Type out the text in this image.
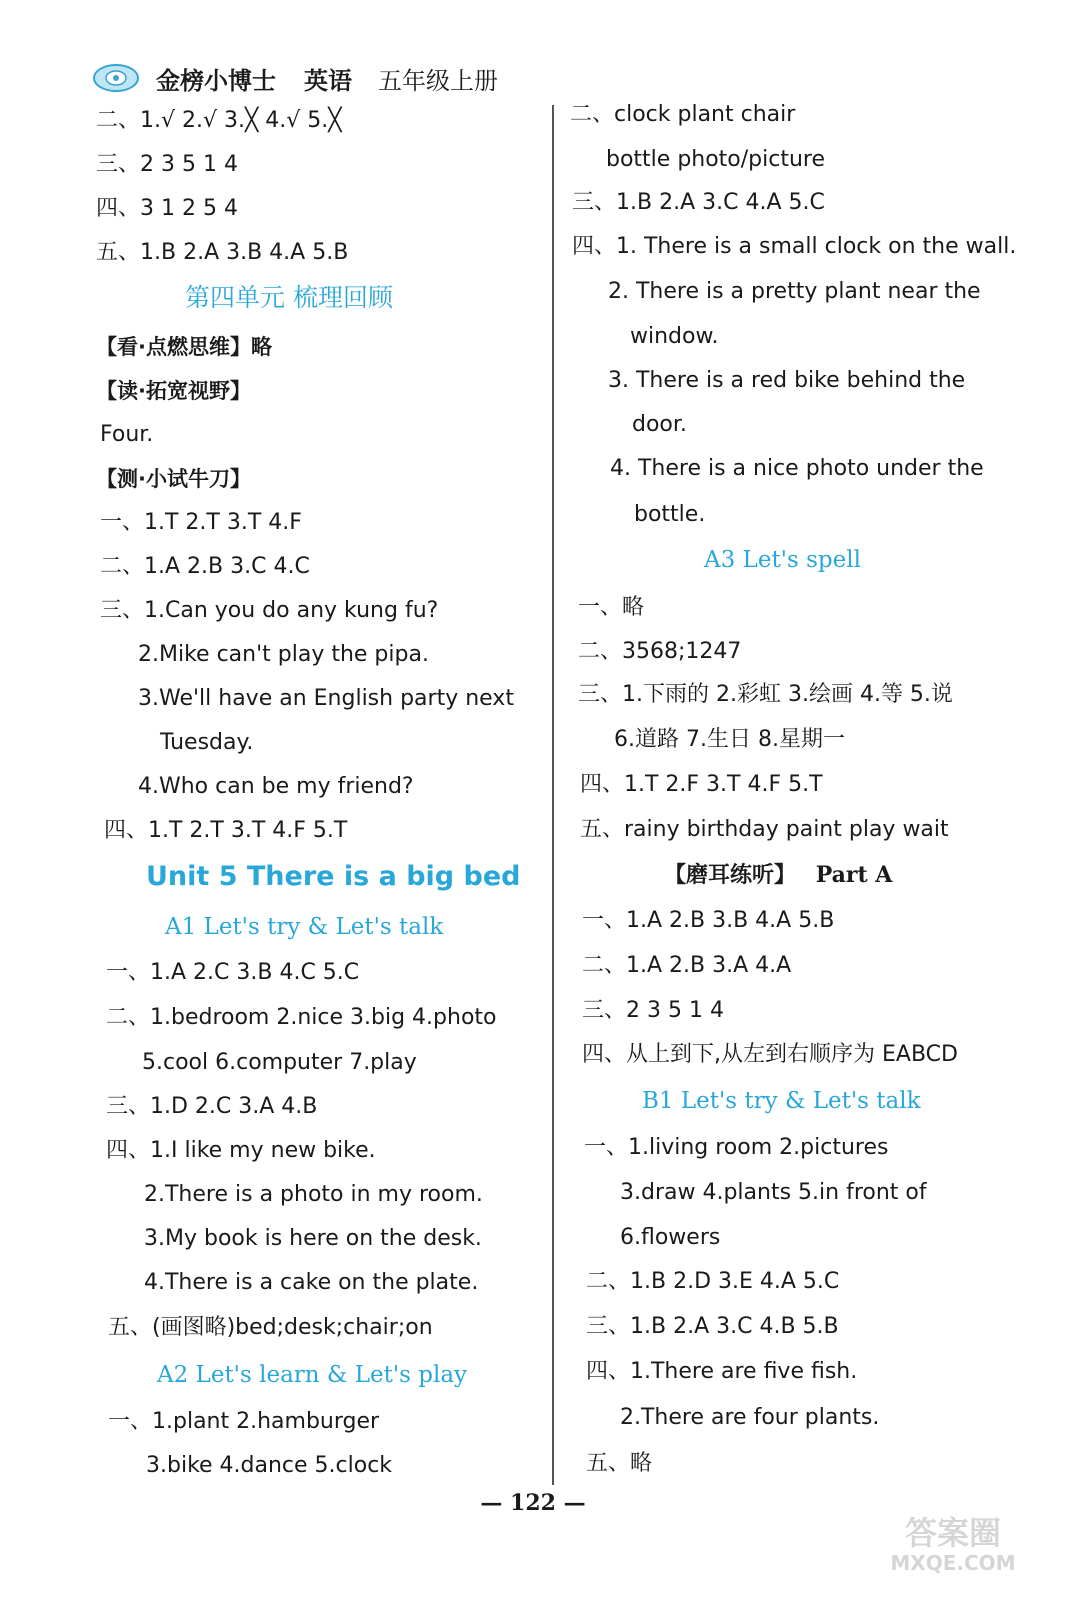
金榜小博士 英语 五年级上册
二、1.√ 2.√ 3.╳ 4.√ 5.╳
三、2 3 5 1 4
四、3 1 2 5 4
五、1.B 2.A 3.B 4.A 5.B
第四单元 梳理回顾
【看·点燃思维】略
【读·拓宽视野】
Four.
【测·小试牛刀】
一、1.T 2.T 3.T 4.F
二、1.A 2.B 3.C 4.C
三、1.Can you do any kung fu?
2.Mike can't play the pipa.
3.We'll have an English party next
Tuesday.
4.Who can be my friend?
四、1.T 2.T 3.T 4.F 5.T
Unit 5 There is a big bed
A1 Let's try & Let's talk
一、1.A 2.C 3.B 4.C 5.C
二、1.bedroom 2.nice 3.big 4.photo
5.cool 6.computer 7.play
三、1.D 2.C 3.A 4.B
四、1.I like my new bike.
2.There is a photo in my room.
3.My book is here on the desk.
4.There is a cake on the plate.
五、(画图略)bed;desk;chair;on
A2 Let's learn & Let's play
一、1.plant 2.hamburger
3.bike 4.dance 5.clock
二、clock plant chair
bottle photo/picture
三、1.B 2.A 3.C 4.A 5.C
四、1. There is a small clock on the wall.
2. There is a pretty plant near the
window.
3. There is a red bike behind the
door.
4. There is a nice photo under the
bottle.
A3 Let's spell
一、略
二、3568;1247
三、1.下雨的 2.彩虹 3.绘画 4.等 5.说
6.道路 7.生日 8.星期一
四、1.T 2.F 3.T 4.F 5.T
五、rainy birthday paint play wait
【磨耳练听】 Part A
一、1.A 2.B 3.B 4.A 5.B
二、1.A 2.B 3.A 4.A
三、2 3 5 1 4
四、从上到下,从左到右顺序为 EABCD
B1 Let's try & Let's talk
一、1.living room 2.pictures
3.draw 4.plants 5.in front of
6.flowers
二、1.B 2.D 3.E 4.A 5.C
三、1.B 2.A 3.C 4.B 5.B
四、1.There are five fish.
2.There are four plants.
五、略
— 122 —
答案圈
MXQE.COM
